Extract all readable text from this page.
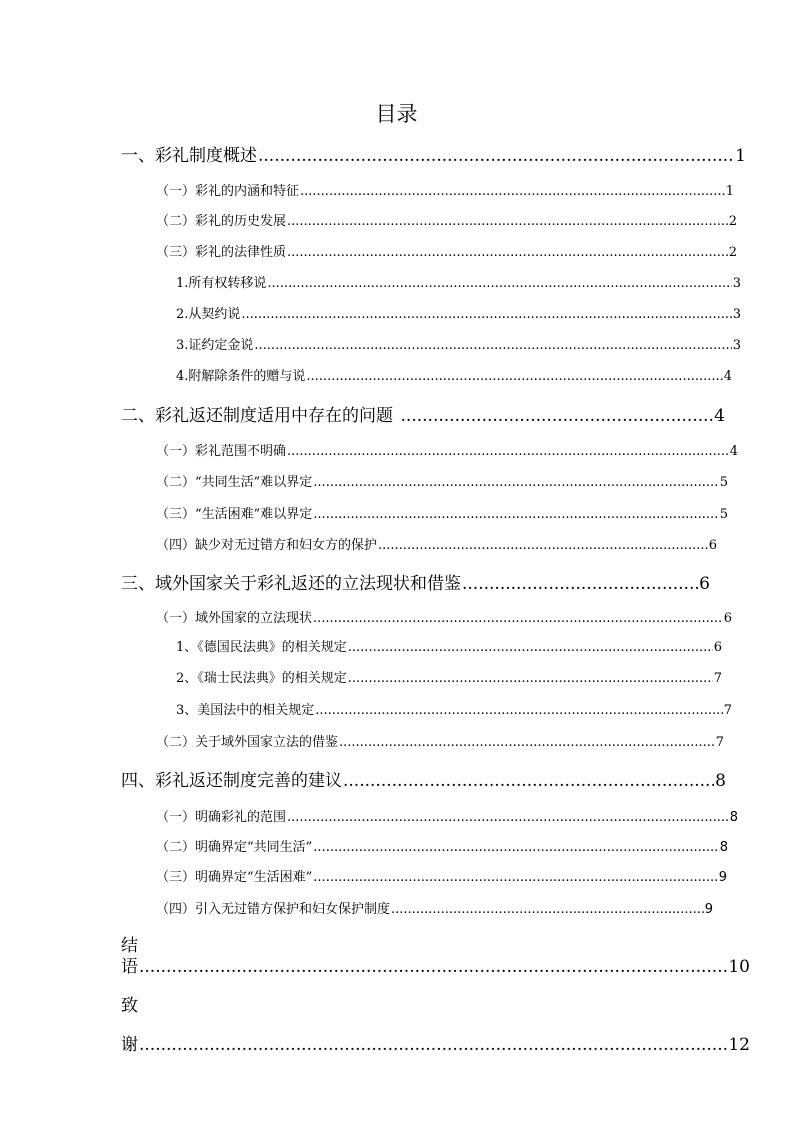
目录
一、彩礼制度概述 .....	1
（一）彩礼的内涵和特征 .....	1
（二）彩礼的历史发展 .....	2
（三）彩礼的法律性质 .....	2
1.所有权转移说 .....	3
2.从契约说 .....	3
3.证约定金说 .....	3
4.附解除条件的赠与说 .....	4
二、彩礼返还制度适用中存在的问题 .....	4
（一）彩礼范围不明确 .....	4
（二）“共同生活”难以界定 .....	5
（三）“生活困难”难以界定 .....	5
（四）缺少对无过错方和妇女方的保护 .....	6
三、域外国家关于彩礼返还的立法现状和借鉴 .....	6
（一）域外国家的立法现状 .....	6
1、《德国民法典》的相关规定 .....	6
2、《瑞士民法典》的相关规定 .....	7
3、美国法中的相关规定 .....	7
（二）关于域外国家立法的借鉴 .....	7
四、彩礼返还制度完善的建议 .....	8
（一）明确彩礼的范围 .....	8
（二）明确界定“共同生活” .....	8
（三）明确界定“生活困难” .....	9
（四）引入无过错方保护和妇女保护制度 .....	9
结
语 .....	10
致
谢 .....	12
